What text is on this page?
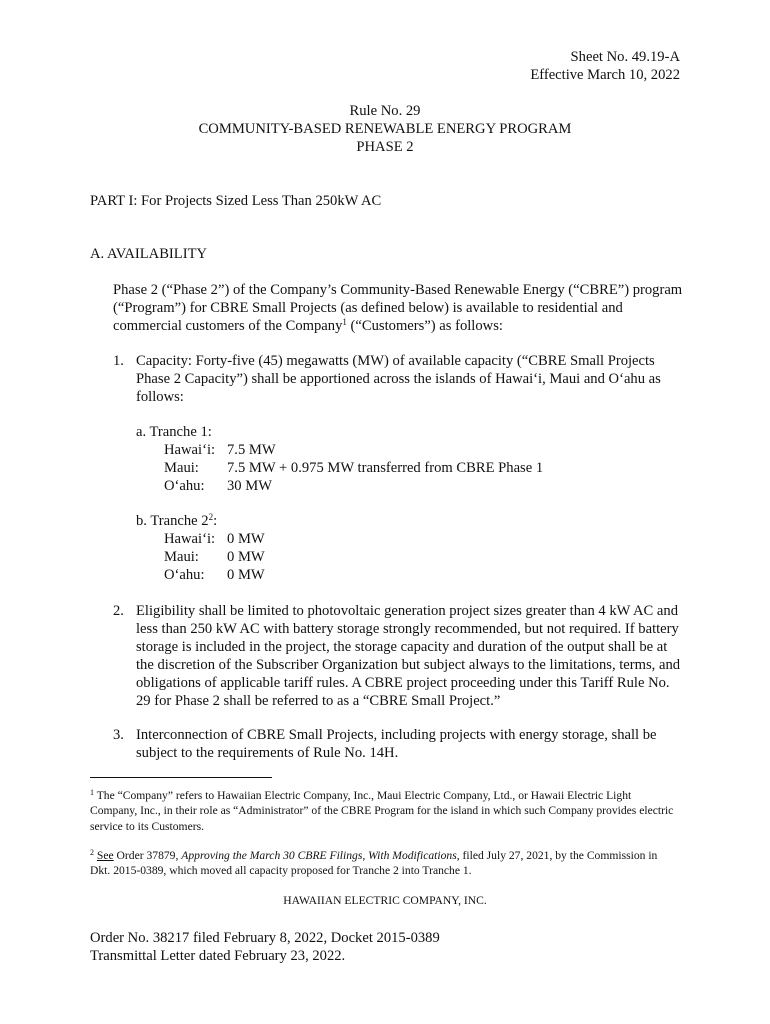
Sheet No. 49.19-A
Effective March 10, 2022
Rule No. 29
COMMUNITY-BASED RENEWABLE ENERGY PROGRAM
PHASE 2
PART I: For Projects Sized Less Than 250kW AC
A. AVAILABILITY
Phase 2 (“Phase 2”) of the Company’s Community-Based Renewable Energy (“CBRE”) program (“Program”) for CBRE Small Projects (as defined below) is available to residential and commercial customers of the Company$^1$ (“Customers”) as follows:
1. Capacity: Forty-five (45) megawatts (MW) of available capacity (“CBRE Small Projects Phase 2 Capacity”) shall be apportioned across the islands of Hawai‘i, Maui and O‘ahu as follows:
a. Tranche 1:
Hawai‘i: 7.5 MW
Maui: 7.5 MW + 0.975 MW transferred from CBRE Phase 1
O‘ahu: 30 MW
b. Tranche $2^2$:
Hawai‘i: 0 MW
Maui: 0 MW
O‘ahu: 0 MW
2. Eligibility shall be limited to photovoltaic generation project sizes greater than 4 kW AC and less than 250 kW AC with battery storage strongly recommended, but not required. If battery storage is included in the project, the storage capacity and duration of the output shall be at the discretion of the Subscriber Organization but subject always to the limitations, terms, and obligations of applicable tariff rules. A CBRE project proceeding under this Tariff Rule No. 29 for Phase 2 shall be referred to as a “CBRE Small Project.”
3. Interconnection of CBRE Small Projects, including projects with energy storage, shall be subject to the requirements of Rule No. 14H.
$^1$ The “Company” refers to Hawaiian Electric Company, Inc., Maui Electric Company, Ltd., or Hawaii Electric Light Company, Inc., in their role as “Administrator” of the CBRE Program for the island in which such Company provides electric service to its Customers.
$^2$ See Order 37879, Approving the March 30 CBRE Filings, With Modifications, filed July 27, 2021, by the Commission in Dkt. 2015-0389, which moved all capacity proposed for Tranche 2 into Tranche 1.
HAWAIIAN ELECTRIC COMPANY, INC.
Order No. 38217 filed February 8, 2022, Docket 2015-0389
Transmittal Letter dated February 23, 2022.
